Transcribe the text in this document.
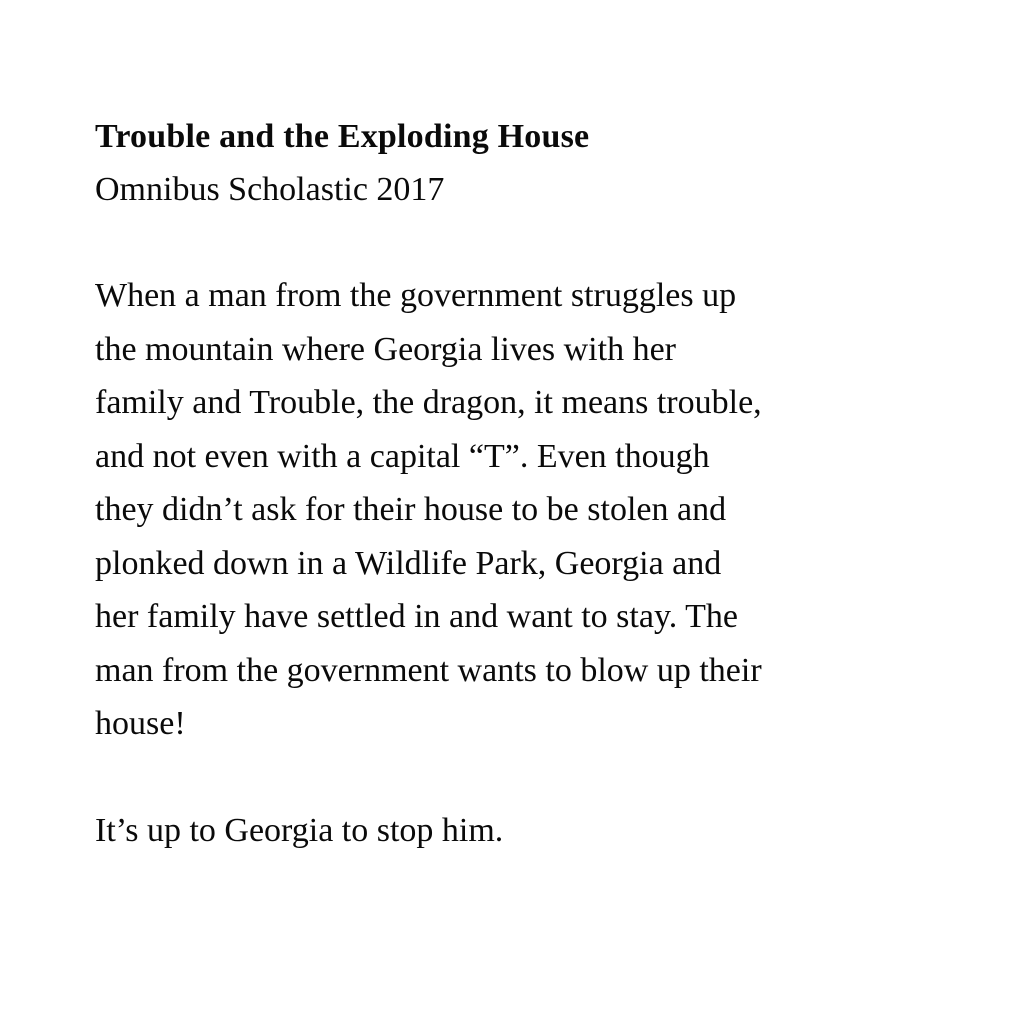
Trouble and the Exploding House

Omnibus Scholastic 2017

When a man from the government struggles up

the mountain where Georgia lives with her

family and Trouble, the dragon, it means trouble,

and not even with a capital “T”. Even though

they didn’t ask for their house to be stolen and

plonked down in a Wildlife Park, Georgia and

her family have settled in and want to stay. The

man from the government wants to blow up their

house!

It’s up to Georgia to stop him.
